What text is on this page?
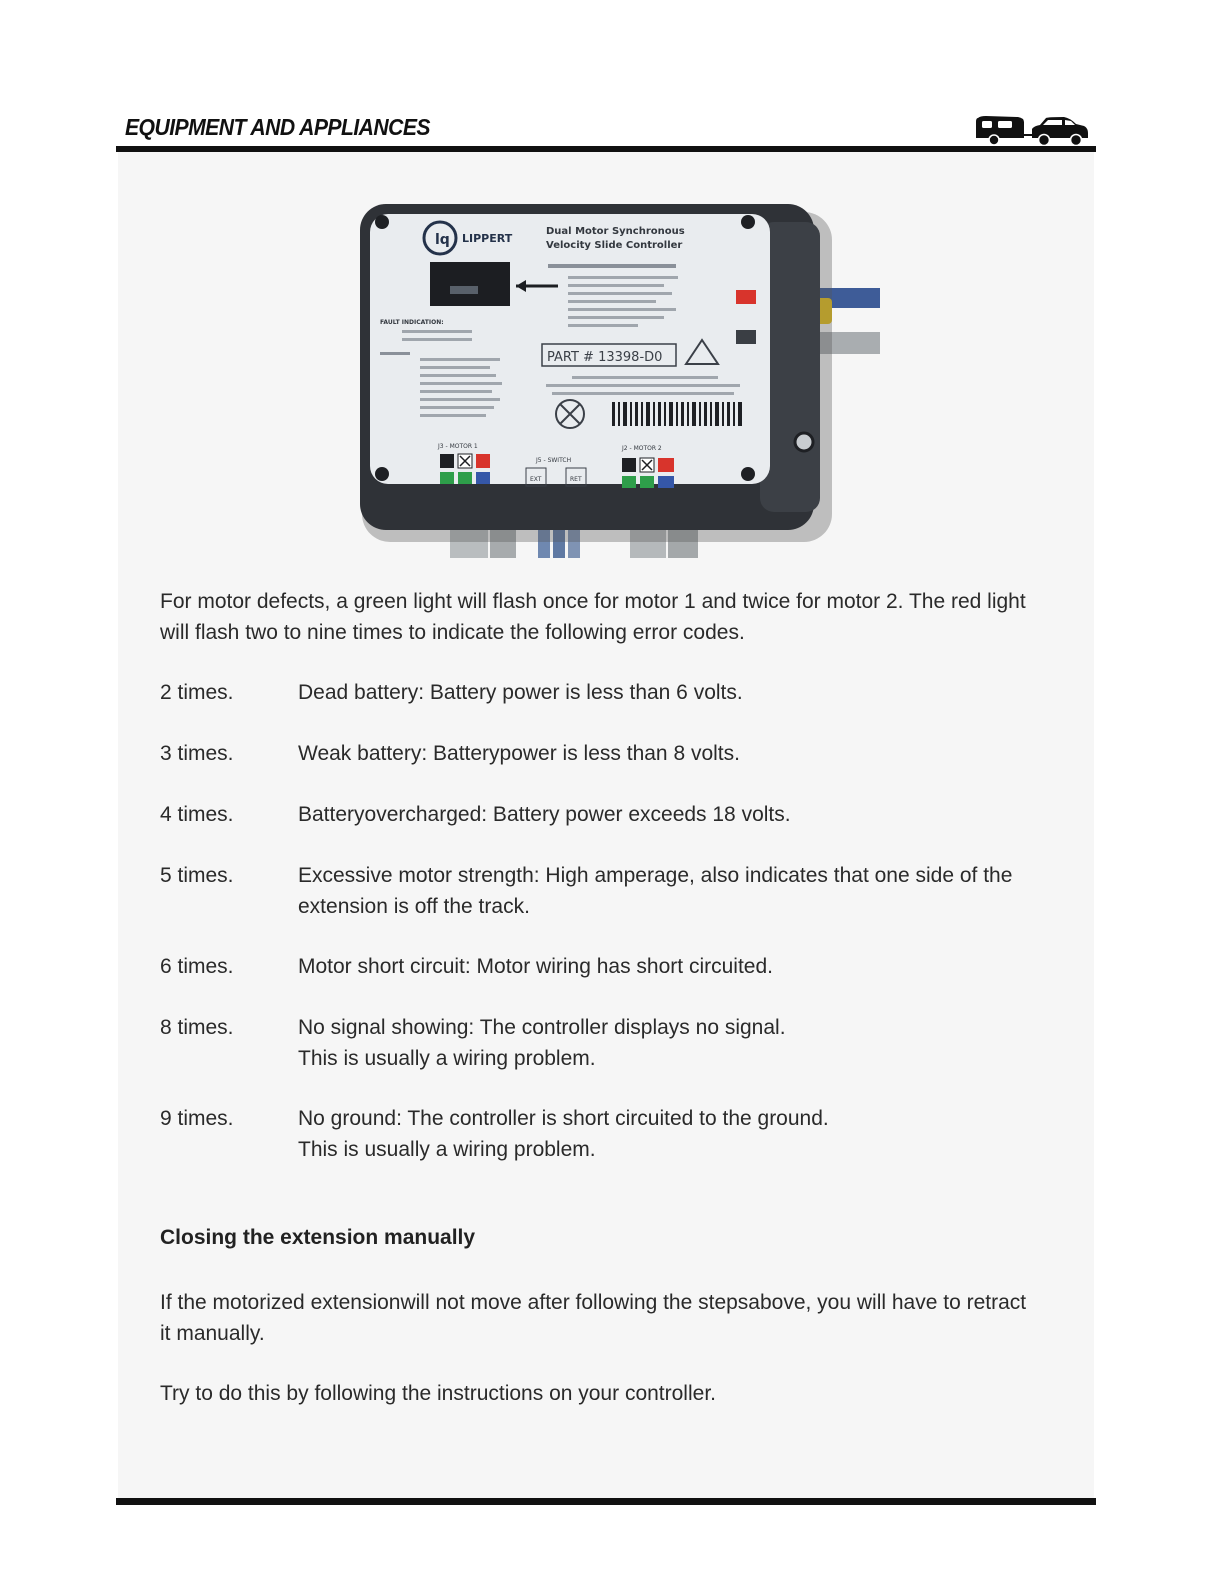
EQUIPMENT AND APPLIANCES
lq LIPPERT
Dual Motor Synchronous
Velocity Slide Controller
FAULT INDICATION:
PART # 13398-D0
J3 - MOTOR 1
J5 - SWITCH
J2 - MOTOR 2
EXT	RET
For motor defects, a green light will flash once for motor 1 and twice for motor 2. The red light will flash two to nine times to indicate the following error codes.
2 times.	Dead battery: Battery power is less than 6 volts.
3 times.	Weak battery: Batterypower is less than 8 volts.
4 times.	Batteryovercharged: Battery power exceeds 18 volts.
5 times.	Excessive motor strength: High amperage, also indicates that one side of the extension is off the track.
6 times.	Motor short circuit: Motor wiring has short circuited.
8 times.	No signal showing: The controller displays no signal.
This is usually a wiring problem.
9 times.	No ground: The controller is short circuited to the ground.
This is usually a wiring problem.
Closing the extension manually
If the motorized extensionwill not move after following the stepsabove, you will have to retract it manually.
Try to do this by following the instructions on your controller.
